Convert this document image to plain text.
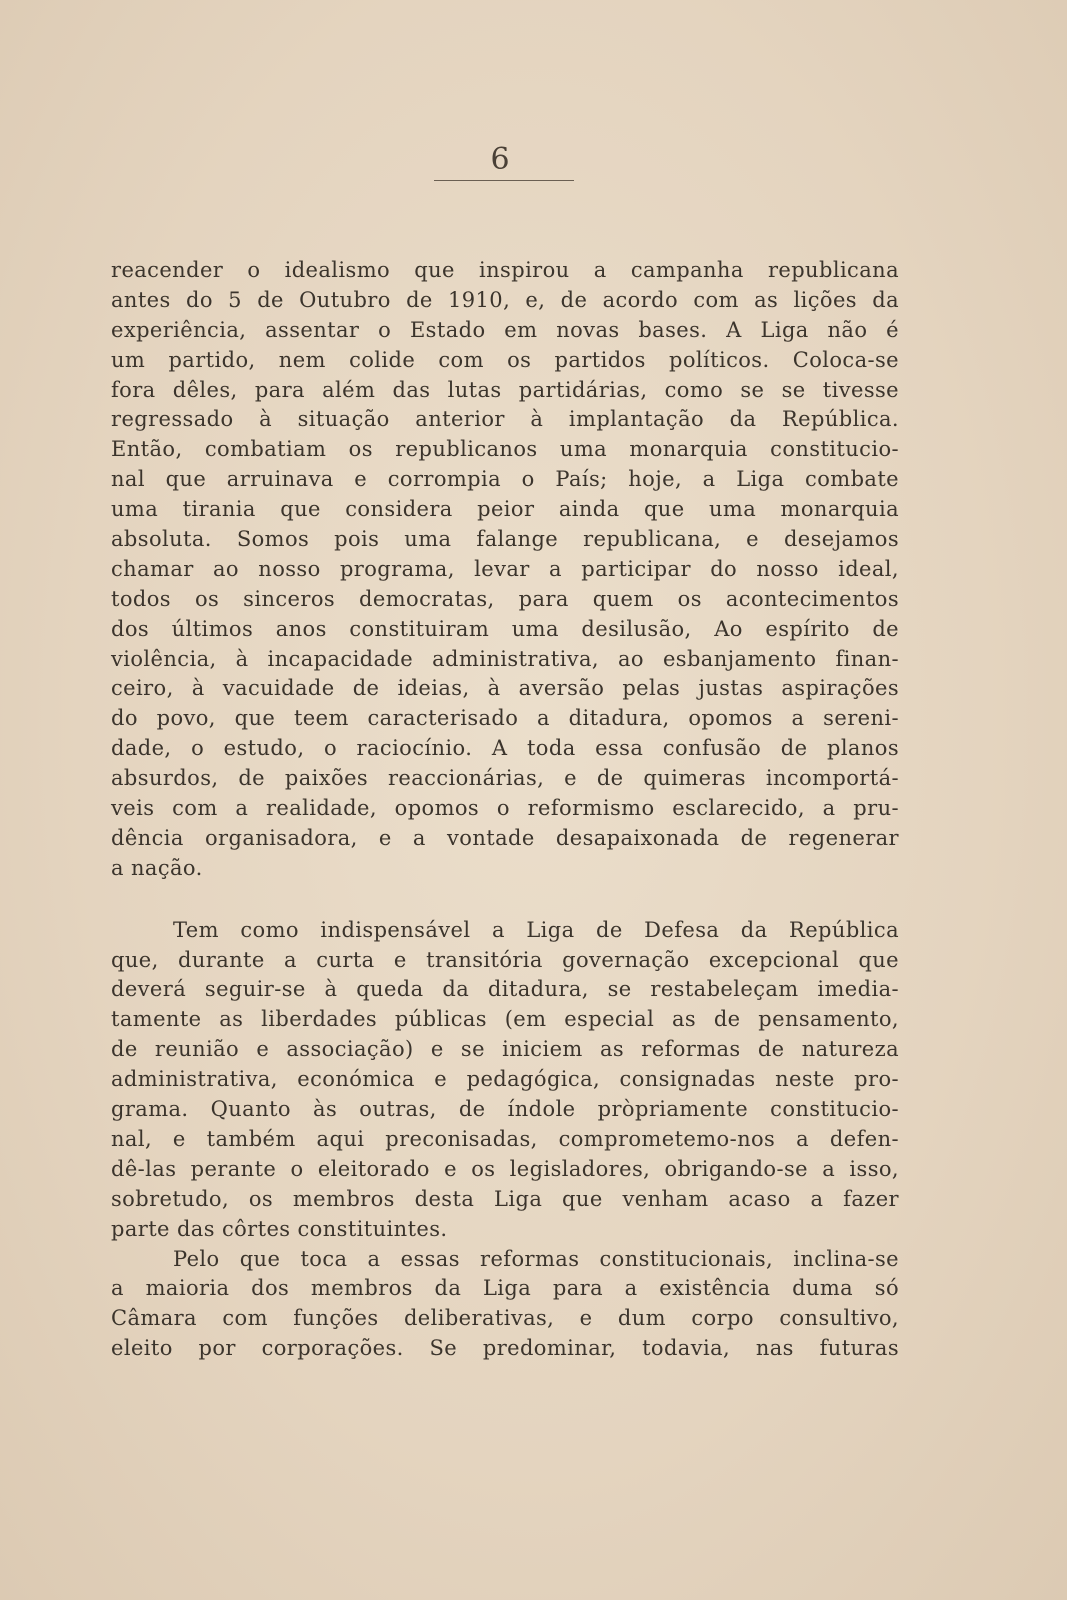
6
reacender o idealismo que inspirou a campanha republicana
antes do 5 de Outubro de 1910, e, de acordo com as lições da
experiência, assentar o Estado em novas bases. A Liga não é
um partido, nem colide com os partidos políticos. Coloca-se
fora dêles, para além das lutas partidárias, como se se tivesse
regressado à situação anterior à implantação da República.
Então, combatiam os republicanos uma monarquia constitucio-
nal que arruinava e corrompia o País; hoje, a Liga combate
uma tirania que considera peior ainda que uma monarquia
absoluta. Somos pois uma falange republicana, e desejamos
chamar ao nosso programa, levar a participar do nosso ideal,
todos os sinceros democratas, para quem os acontecimentos
dos últimos anos constituiram uma desilusão, Ao espírito de
violência, à incapacidade administrativa, ao esbanjamento finan-
ceiro, à vacuidade de ideias, à aversão pelas justas aspirações
do povo, que teem caracterisado a ditadura, opomos a sereni-
dade, o estudo, o raciocínio. A toda essa confusão de planos
absurdos, de paixões reaccionárias, e de quimeras incomportá-
veis com a realidade, opomos o reformismo esclarecido, a pru-
dência organisadora, e a vontade desapaixonada de regenerar
a nação.
Tem como indispensável a Liga de Defesa da República
que, durante a curta e transitória governação excepcional que
deverá seguir-se à queda da ditadura, se restabeleçam imedia-
tamente as liberdades públicas (em especial as de pensamento,
de reunião e associação) e se iniciem as reformas de natureza
administrativa, económica e pedagógica, consignadas neste pro-
grama. Quanto às outras, de índole pròpriamente constitucio-
nal, e também aqui preconisadas, comprometemo-nos a defen-
dê-las perante o eleitorado e os legisladores, obrigando-se a isso,
sobretudo, os membros desta Liga que venham acaso a fazer
parte das côrtes constituintes.
Pelo que toca a essas reformas constitucionais, inclina-se
a maioria dos membros da Liga para a existência duma só
Câmara com funções deliberativas, e dum corpo consultivo,
eleito por corporações. Se predominar, todavia, nas futuras
